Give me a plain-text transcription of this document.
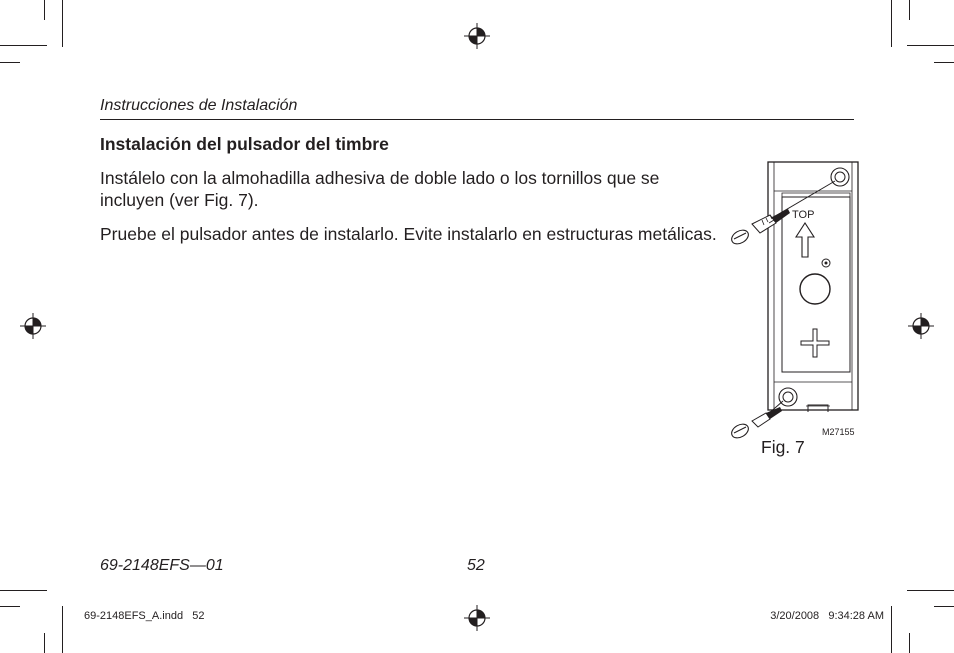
Instrucciones de Instalación
Instalación del pulsador del timbre

Instálelo con la almohadilla adhesiva de doble lado o los tornillos que se incluyen (ver Fig. 7).

Pruebe el pulsador antes de instalarlo. Evite instalarlo en estructuras metálicas.

TOP
M27155
Fig. 7
69-2148EFS—01	52
69-2148EFS_A.indd   52	3/20/2008   9:34:28 AM
